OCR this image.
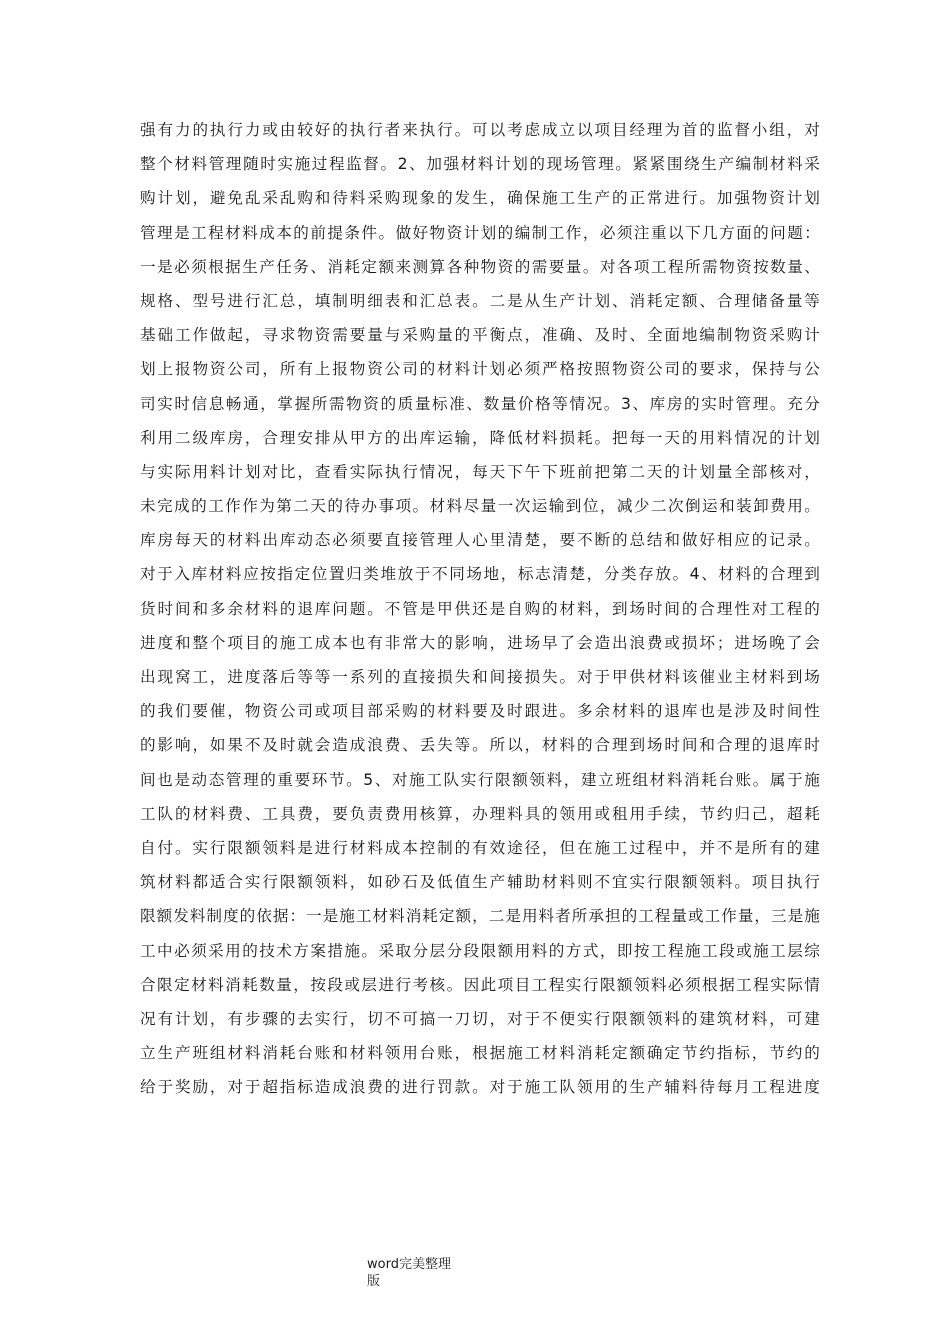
强有力的执行力或由较好的执行者来执行。可以考虑成立以项目经理为首的监督小组，对
整个材料管理随时实施过程监督。2、加强材料计划的现场管理。紧紧围绕生产编制材料采
购计划，避免乱采乱购和待料采购现象的发生，确保施工生产的正常进行。加强物资计划
管理是工程材料成本的前提条件。做好物资计划的编制工作，必须注重以下几方面的问题：
一是必须根据生产任务、消耗定额来测算各种物资的需要量。对各项工程所需物资按数量、
规格、型号进行汇总，填制明细表和汇总表。二是从生产计划、消耗定额、合理储备量等
基础工作做起，寻求物资需要量与采购量的平衡点，准确、及时、全面地编制物资采购计
划上报物资公司，所有上报物资公司的材料计划必须严格按照物资公司的要求，保持与公
司实时信息畅通，掌握所需物资的质量标准、数量价格等情况。3、库房的实时管理。充分
利用二级库房，合理安排从甲方的出库运输，降低材料损耗。把每一天的用料情况的计划
与实际用料计划对比，查看实际执行情况，每天下午下班前把第二天的计划量全部核对，
未完成的工作作为第二天的待办事项。材料尽量一次运输到位，减少二次倒运和装卸费用。
库房每天的材料出库动态必须要直接管理人心里清楚，要不断的总结和做好相应的记录。
对于入库材料应按指定位置归类堆放于不同场地，标志清楚，分类存放。4、材料的合理到
货时间和多余材料的退库问题。不管是甲供还是自购的材料，到场时间的合理性对工程的
进度和整个项目的施工成本也有非常大的影响，进场早了会造出浪费或损坏；进场晚了会
出现窝工，进度落后等等一系列的直接损失和间接损失。对于甲供材料该催业主材料到场
的我们要催，物资公司或项目部采购的材料要及时跟进。多余材料的退库也是涉及时间性
的影响，如果不及时就会造成浪费、丢失等。所以，材料的合理到场时间和合理的退库时
间也是动态管理的重要环节。5、对施工队实行限额领料，建立班组材料消耗台账。属于施
工队的材料费、工具费，要负责费用核算，办理料具的领用或租用手续，节约归己，超耗
自付。实行限额领料是进行材料成本控制的有效途径，但在施工过程中，并不是所有的建
筑材料都适合实行限额领料，如砂石及低值生产辅助材料则不宜实行限额领料。项目执行
限额发料制度的依据：一是施工材料消耗定额，二是用料者所承担的工程量或工作量，三是施
工中必须采用的技术方案措施。采取分层分段限额用料的方式，即按工程施工段或施工层综
合限定材料消耗数量，按段或层进行考核。因此项目工程实行限额领料必须根据工程实际情
况有计划，有步骤的去实行，切不可搞一刀切，对于不便实行限额领料的建筑材料，可建
立生产班组材料消耗台账和材料领用台账，根据施工材料消耗定额确定节约指标，节约的
给于奖励，对于超指标造成浪费的进行罚款。对于施工队领用的生产辅料待每月工程进度
word完美整理
版
